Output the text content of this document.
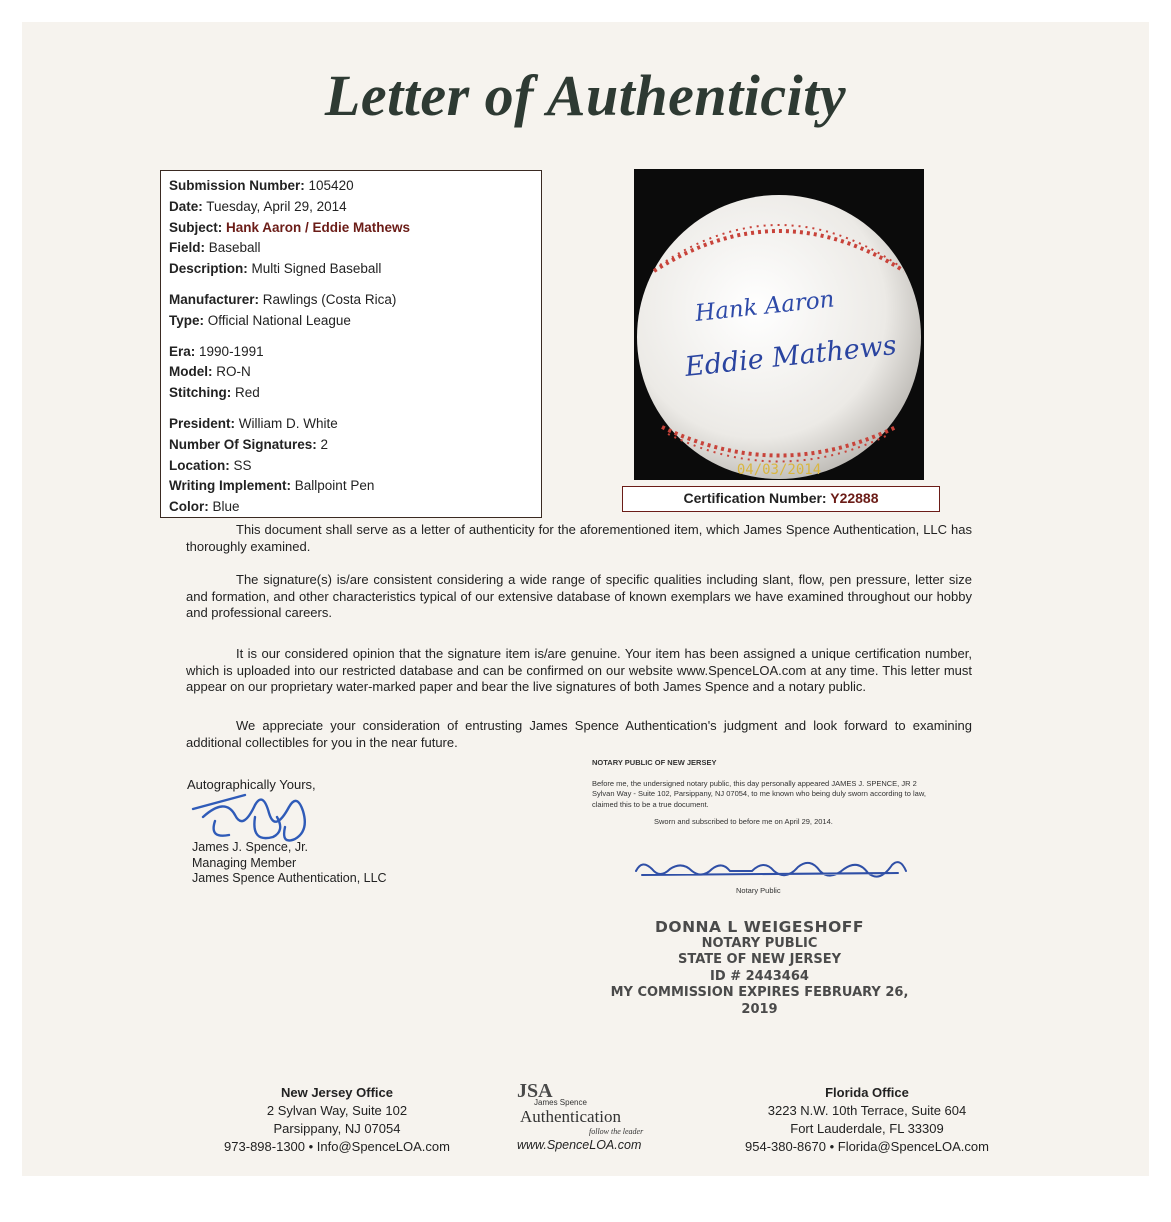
Letter of Authenticity
Submission Number: 105420
Date: Tuesday, April 29, 2014
Subject: Hank Aaron / Eddie Mathews
Field: Baseball
Description: Multi Signed Baseball
Manufacturer: Rawlings (Costa Rica)
Type: Official National League
Era: 1990-1991
Model: RO-N
Stitching: Red
President: William D. White
Number Of Signatures: 2
Location: SS
Writing Implement: Ballpoint Pen
Color: Blue
Hank Aaron
Eddie Mathews
04/03/2014
Certification Number: Y22888

This document shall serve as a letter of authenticity for the aforementioned item, which James Spence Authentication, LLC has thoroughly examined.

The signature(s) is/are consistent considering a wide range of specific qualities including slant, flow, pen pressure, letter size and formation, and other characteristics typical of our extensive database of known exemplars we have examined throughout our hobby and professional careers.

It is our considered opinion that the signature item is/are genuine. Your item has been assigned a unique certification number, which is uploaded into our restricted database and can be confirmed on our website www.SpenceLOA.com at any time. This letter must appear on our proprietary water-marked paper and bear the live signatures of both James Spence and a notary public.

We appreciate your consideration of entrusting James Spence Authentication's judgment and look forward to examining additional collectibles for you in the near future.

Autographically Yours,
James J. Spence, Jr.
Managing Member
James Spence Authentication, LLC
NOTARY PUBLIC OF NEW JERSEY
Before me, the undersigned notary public, this day personally appeared JAMES J. SPENCE, JR 2 Sylvan Way - Suite 102, Parsippany, NJ 07054, to me known who being duly sworn according to law, claimed this to be a true document.
Sworn and subscribed to before me on April 29, 2014.
Notary Public
DONNA L WEIGESHOFF
NOTARY PUBLIC
STATE OF NEW JERSEY
ID # 2443464
MY COMMISSION EXPIRES FEBRUARY 26, 2019
New Jersey Office
2 Sylvan Way, Suite 102
Parsippany, NJ 07054
973-898-1300 • Info@SpenceLOA.com
JSA
James Spence
Authentication
follow the leader
www.SpenceLOA.com
Florida Office
3223 N.W. 10th Terrace, Suite 604
Fort Lauderdale, FL 33309
954-380-8670 • Florida@SpenceLOA.com
